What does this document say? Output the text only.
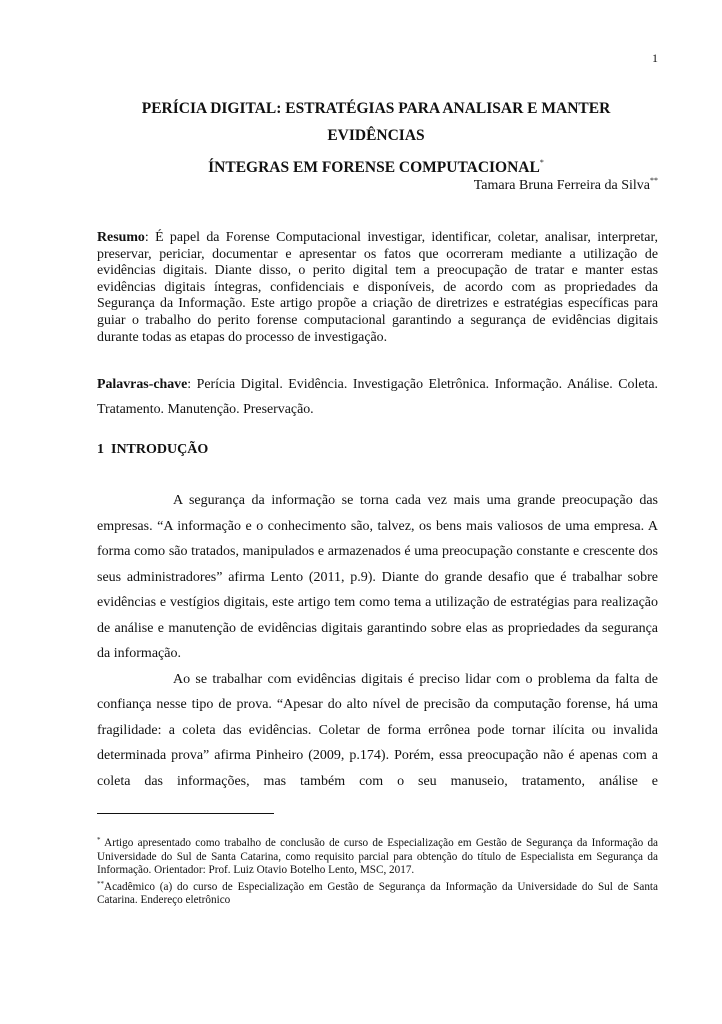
1
PERÍCIA DIGITAL: ESTRATÉGIAS PARA ANALISAR E MANTER EVIDÊNCIAS
ÍNTEGRAS EM FORENSE COMPUTACIONAL*
Tamara Bruna Ferreira da Silva**

Resumo: É papel da Forense Computacional investigar, identificar, coletar, analisar, interpretar, preservar, periciar, documentar e apresentar os fatos que ocorreram mediante a utilização de evidências digitais. Diante disso, o perito digital tem a preocupação de tratar e manter estas evidências digitais íntegras, confidenciais e disponíveis, de acordo com as propriedades da Segurança da Informação. Este artigo propõe a criação de diretrizes e estratégias específicas para guiar o trabalho do perito forense computacional garantindo a segurança de evidências digitais durante todas as etapas do processo de investigação.

Palavras-chave: Perícia Digital. Evidência. Investigação Eletrônica. Informação. Análise. Coleta. Tratamento. Manutenção. Preservação.

1 INTRODUÇÃO

A segurança da informação se torna cada vez mais uma grande preocupação das empresas. “A informação e o conhecimento são, talvez, os bens mais valiosos de uma empresa. A forma como são tratados, manipulados e armazenados é uma preocupação constante e crescente dos seus administradores” afirma Lento (2011, p.9). Diante do grande desafio que é trabalhar sobre evidências e vestígios digitais, este artigo tem como tema a utilização de estratégias para realização de análise e manutenção de evidências digitais garantindo sobre elas as propriedades da segurança da informação.

Ao se trabalhar com evidências digitais é preciso lidar com o problema da falta de confiança nesse tipo de prova. “Apesar do alto nível de precisão da computação forense, há uma fragilidade: a coleta das evidências. Coletar de forma errônea pode tornar ilícita ou invalida determinada prova” afirma Pinheiro (2009, p.174). Porém, essa preocupação não é apenas com a coleta das informações, mas também com o seu manuseio, tratamento, análise e

* Artigo apresentado como trabalho de conclusão de curso de Especialização em Gestão de Segurança da Informação da Universidade do Sul de Santa Catarina, como requisito parcial para obtenção do título de Especialista em Segurança da Informação. Orientador: Prof. Luiz Otavio Botelho Lento, MSC, 2017.

**Acadêmico (a) do curso de Especialização em Gestão de Segurança da Informação da Universidade do Sul de Santa Catarina. Endereço eletrônico
